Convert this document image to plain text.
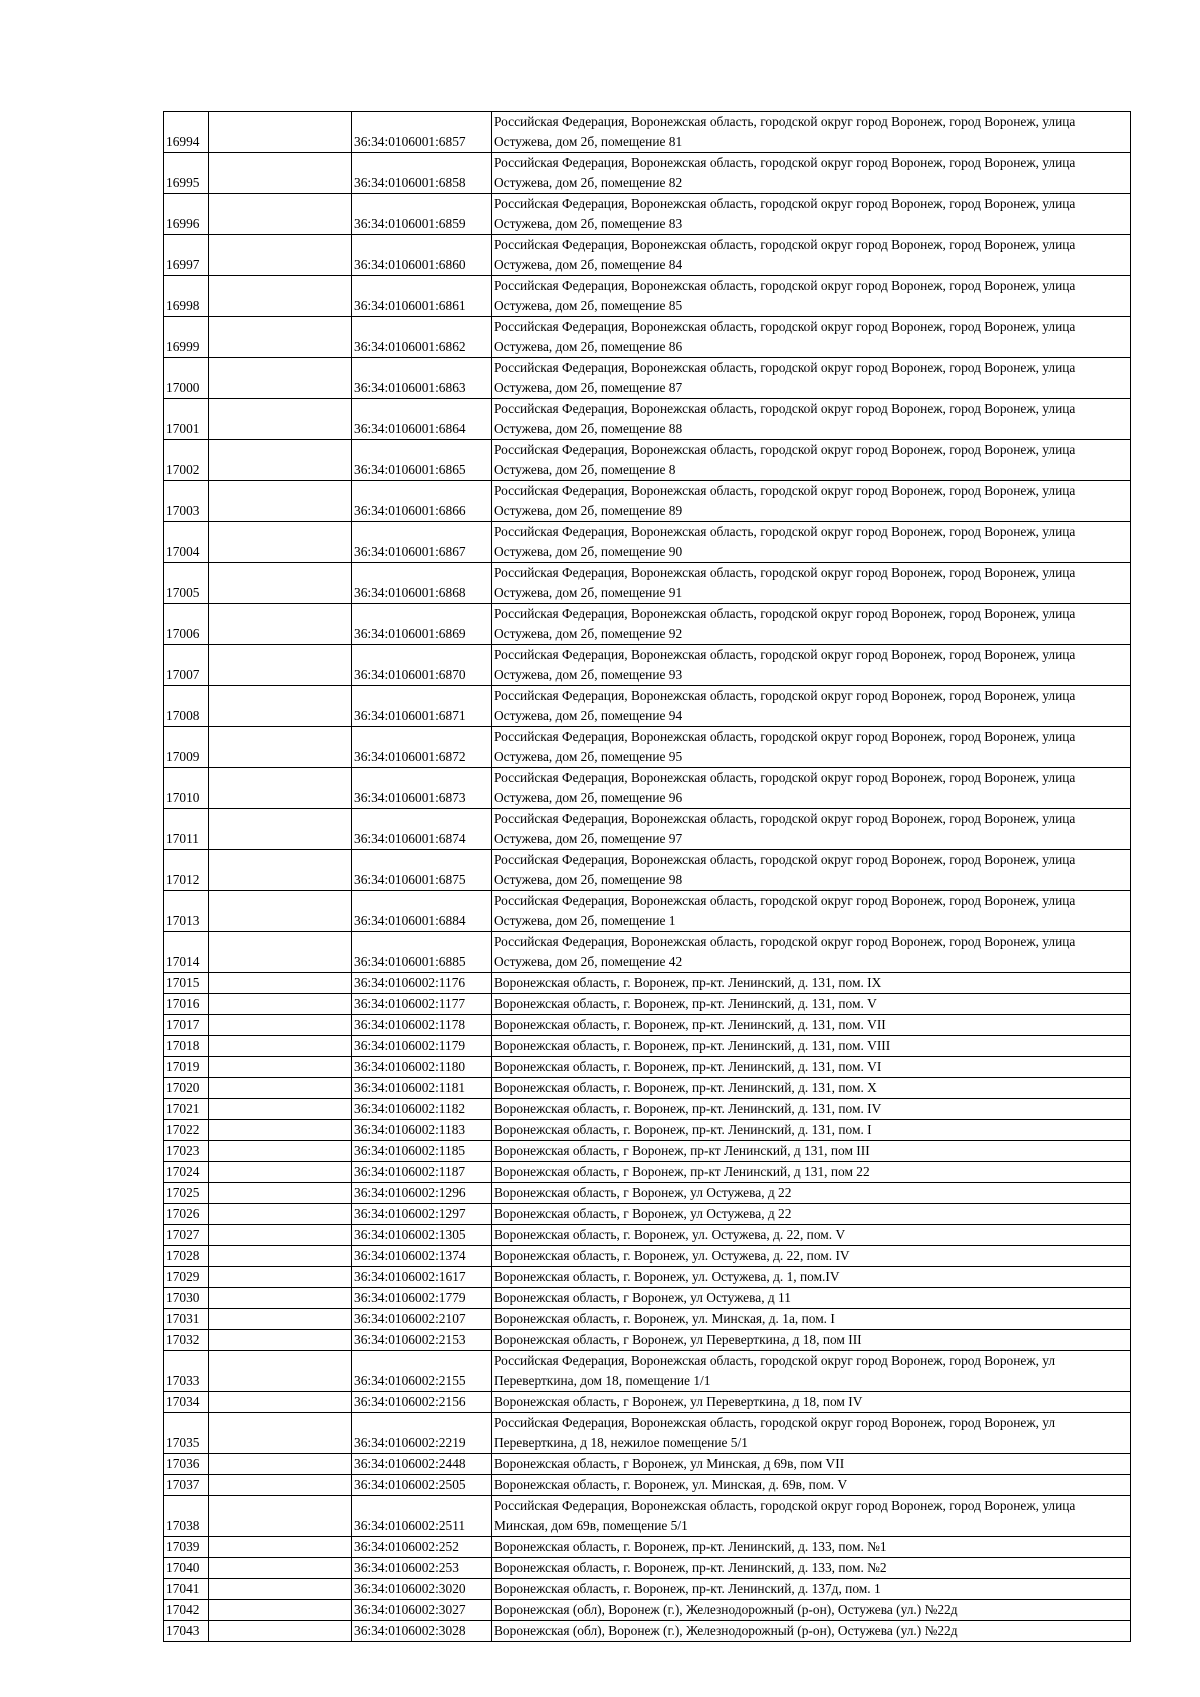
16994		36:34:0106001:6857	Российская Федерация, Воронежская область, городской округ город Воронеж, город Воронеж, улица Остужева, дом 2б, помещение 81
16995		36:34:0106001:6858	Российская Федерация, Воронежская область, городской округ город Воронеж, город Воронеж, улица Остужева, дом 2б, помещение 82
16996		36:34:0106001:6859	Российская Федерация, Воронежская область, городской округ город Воронеж, город Воронеж, улица Остужева, дом 2б, помещение 83
16997		36:34:0106001:6860	Российская Федерация, Воронежская область, городской округ город Воронеж, город Воронеж, улица Остужева, дом 2б, помещение 84
16998		36:34:0106001:6861	Российская Федерация, Воронежская область, городской округ город Воронеж, город Воронеж, улица Остужева, дом 2б, помещение 85
16999		36:34:0106001:6862	Российская Федерация, Воронежская область, городской округ город Воронеж, город Воронеж, улица Остужева, дом 2б, помещение 86
17000		36:34:0106001:6863	Российская Федерация, Воронежская область, городской округ город Воронеж, город Воронеж, улица Остужева, дом 2б, помещение 87
17001		36:34:0106001:6864	Российская Федерация, Воронежская область, городской округ город Воронеж, город Воронеж, улица Остужева, дом 2б, помещение 88
17002		36:34:0106001:6865	Российская Федерация, Воронежская область, городской округ город Воронеж, город Воронеж, улица Остужева, дом 2б, помещение 8
17003		36:34:0106001:6866	Российская Федерация, Воронежская область, городской округ город Воронеж, город Воронеж, улица Остужева, дом 2б, помещение 89
17004		36:34:0106001:6867	Российская Федерация, Воронежская область, городской округ город Воронеж, город Воронеж, улица Остужева, дом 2б, помещение 90
17005		36:34:0106001:6868	Российская Федерация, Воронежская область, городской округ город Воронеж, город Воронеж, улица Остужева, дом 2б, помещение 91
17006		36:34:0106001:6869	Российская Федерация, Воронежская область, городской округ город Воронеж, город Воронеж, улица Остужева, дом 2б, помещение 92
17007		36:34:0106001:6870	Российская Федерация, Воронежская область, городской округ город Воронеж, город Воронеж, улица Остужева, дом 2б, помещение 93
17008		36:34:0106001:6871	Российская Федерация, Воронежская область, городской округ город Воронеж, город Воронеж, улица Остужева, дом 2б, помещение 94
17009		36:34:0106001:6872	Российская Федерация, Воронежская область, городской округ город Воронеж, город Воронеж, улица Остужева, дом 2б, помещение 95
17010		36:34:0106001:6873	Российская Федерация, Воронежская область, городской округ город Воронеж, город Воронеж, улица Остужева, дом 2б, помещение 96
17011		36:34:0106001:6874	Российская Федерация, Воронежская область, городской округ город Воронеж, город Воронеж, улица Остужева, дом 2б, помещение 97
17012		36:34:0106001:6875	Российская Федерация, Воронежская область, городской округ город Воронеж, город Воронеж, улица Остужева, дом 2б, помещение 98
17013		36:34:0106001:6884	Российская Федерация, Воронежская область, городской округ город Воронеж, город Воронеж, улица Остужева, дом 2б, помещение 1
17014		36:34:0106001:6885	Российская Федерация, Воронежская область, городской округ город Воронеж, город Воронеж, улица Остужева, дом 2б, помещение 42
17015		36:34:0106002:1176	Воронежская область, г. Воронеж, пр-кт. Ленинский, д. 131, пом. IX
17016		36:34:0106002:1177	Воронежская область, г. Воронеж, пр-кт. Ленинский, д. 131, пом. V
17017		36:34:0106002:1178	Воронежская область, г. Воронеж, пр-кт. Ленинский, д. 131, пом. VII
17018		36:34:0106002:1179	Воронежская область, г. Воронеж, пр-кт. Ленинский, д. 131, пом. VIII
17019		36:34:0106002:1180	Воронежская область, г. Воронеж, пр-кт. Ленинский, д. 131, пом. VI
17020		36:34:0106002:1181	Воронежская область, г. Воронеж, пр-кт. Ленинский, д. 131, пом. X
17021		36:34:0106002:1182	Воронежская область, г. Воронеж, пр-кт. Ленинский, д. 131, пом. IV
17022		36:34:0106002:1183	Воронежская область, г. Воронеж, пр-кт. Ленинский, д. 131, пом. I
17023		36:34:0106002:1185	Воронежская область, г Воронеж, пр-кт Ленинский, д 131, пом III
17024		36:34:0106002:1187	Воронежская область, г Воронеж, пр-кт Ленинский, д 131, пом 22
17025		36:34:0106002:1296	Воронежская область, г Воронеж, ул Остужева, д 22
17026		36:34:0106002:1297	Воронежская область, г Воронеж, ул Остужева, д 22
17027		36:34:0106002:1305	Воронежская область, г. Воронеж, ул. Остужева, д. 22, пом. V
17028		36:34:0106002:1374	Воронежская область, г. Воронеж, ул. Остужева, д. 22, пом. IV
17029		36:34:0106002:1617	Воронежская область, г. Воронеж, ул. Остужева, д. 1, пом.IV
17030		36:34:0106002:1779	Воронежская область, г Воронеж, ул Остужева, д 11
17031		36:34:0106002:2107	Воронежская область, г. Воронеж, ул. Минская, д. 1а, пом. I
17032		36:34:0106002:2153	Воронежская область, г Воронеж, ул Переверткина, д 18, пом III
17033		36:34:0106002:2155	Российская Федерация, Воронежская область, городской округ город Воронеж, город Воронеж, ул Переверткина, дом 18, помещение 1/1
17034		36:34:0106002:2156	Воронежская область, г Воронеж, ул Переверткина, д 18, пом IV
17035		36:34:0106002:2219	Российская Федерация, Воронежская область, городской округ город Воронеж, город Воронеж, ул Переверткина, д 18, нежилое помещение 5/1
17036		36:34:0106002:2448	Воронежская область, г Воронеж, ул Минская, д 69в, пом VII
17037		36:34:0106002:2505	Воронежская область, г. Воронеж, ул. Минская, д. 69в, пом. V
17038		36:34:0106002:2511	Российская Федерация, Воронежская область, городской округ город Воронеж, город Воронеж, улица Минская, дом 69в, помещение 5/1
17039		36:34:0106002:252	Воронежская область, г. Воронеж, пр-кт. Ленинский, д. 133, пом. №1
17040		36:34:0106002:253	Воронежская область, г. Воронеж, пр-кт. Ленинский, д. 133, пом. №2
17041		36:34:0106002:3020	Воронежская область, г. Воронеж, пр-кт. Ленинский, д. 137д, пом. 1
17042		36:34:0106002:3027	Воронежская (обл), Воронеж (г.), Железнодорожный (р-он), Остужева (ул.) №22д
17043		36:34:0106002:3028	Воронежская (обл), Воронеж (г.), Железнодорожный (р-он), Остужева (ул.) №22д
